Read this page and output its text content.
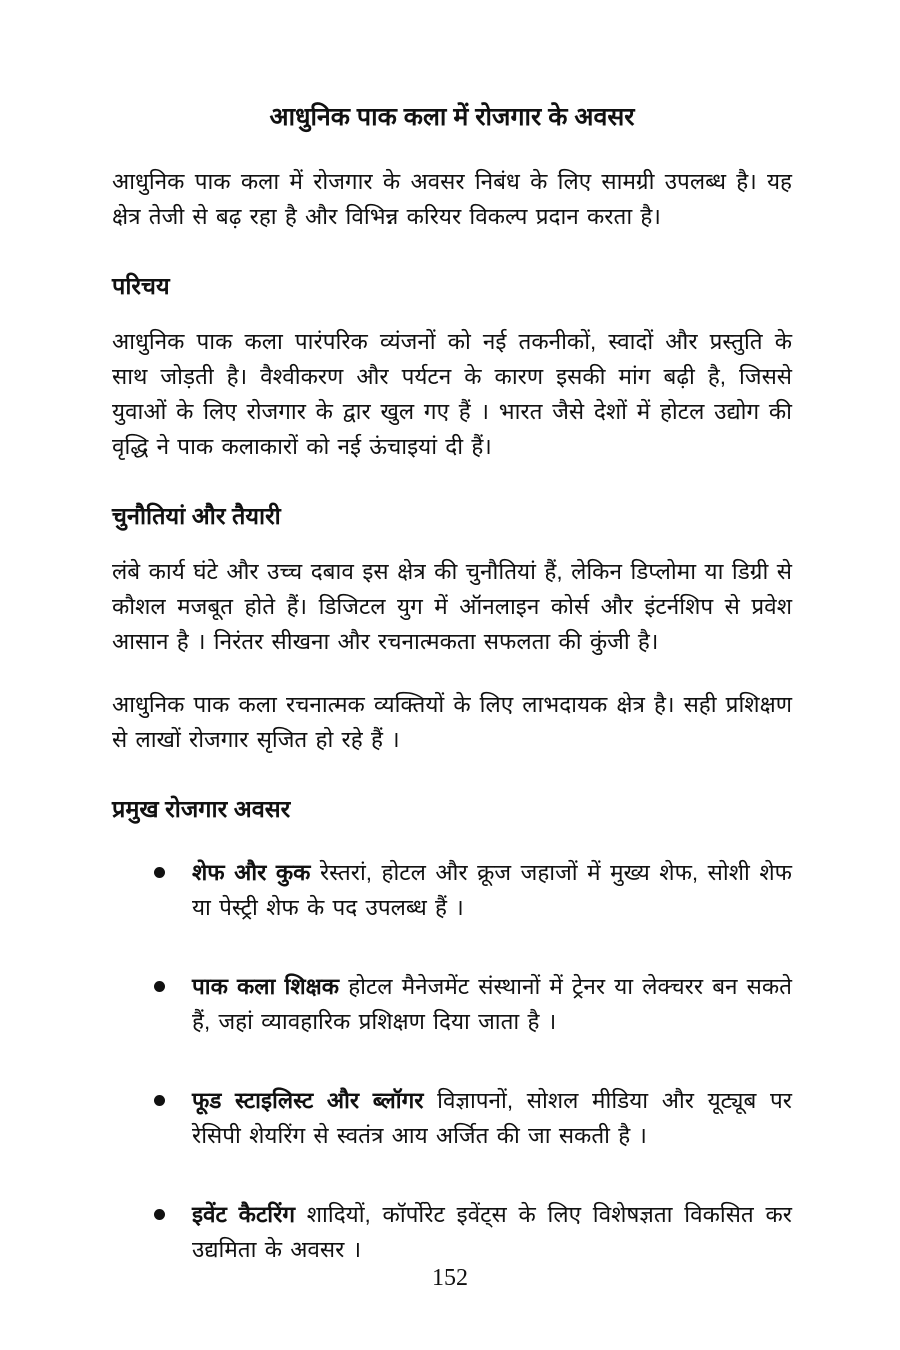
आधुनिक पाक कला में रोजगार के अवसर

आधुनिक पाक कला में रोजगार के अवसर निबंध के लिए सामग्री उपलब्ध है। यह क्षेत्र तेजी से बढ़ रहा है और विभिन्न करियर विकल्प प्रदान करता है।

परिचय

आधुनिक पाक कला पारंपरिक व्यंजनों को नई तकनीकों, स्वादों और प्रस्तुति के साथ जोड़ती है। वैश्वीकरण और पर्यटन के कारण इसकी मांग बढ़ी है, जिससे युवाओं के लिए रोजगार के द्वार खुल गए हैं । भारत जैसे देशों में होटल उद्योग की वृद्धि ने पाक कलाकारों को नई ऊंचाइयां दी हैं।

चुनौतियां और तैयारी

लंबे कार्य घंटे और उच्च दबाव इस क्षेत्र की चुनौतियां हैं, लेकिन डिप्लोमा या डिग्री से कौशल मजबूत होते हैं। डिजिटल युग में ऑनलाइन कोर्स और इंटर्नशिप से प्रवेश आसान है । निरंतर सीखना और रचनात्मकता सफलता की कुंजी है।

आधुनिक पाक कला रचनात्मक व्यक्तियों के लिए लाभदायक क्षेत्र है। सही प्रशिक्षण से लाखों रोजगार सृजित हो रहे हैं ।

प्रमुख रोजगार अवसर
शेफ और कुक रेस्तरां, होटल और क्रूज जहाजों में मुख्य शेफ, सोशी शेफ या पेस्ट्री शेफ के पद उपलब्ध हैं ।
पाक कला शिक्षक होटल मैनेजमेंट संस्थानों में ट्रेनर या लेक्चरर बन सकते हैं, जहां व्यावहारिक प्रशिक्षण दिया जाता है ।
फूड स्टाइलिस्ट और ब्लॉगर विज्ञापनों, सोशल मीडिया और यूट्यूब पर रेसिपी शेयरिंग से स्वतंत्र आय अर्जित की जा सकती है ।
इवेंट कैटरिंग शादियों, कॉर्पोरेट इवेंट्स के लिए विशेषज्ञता विकसित कर उद्यमिता के अवसर ।
152
